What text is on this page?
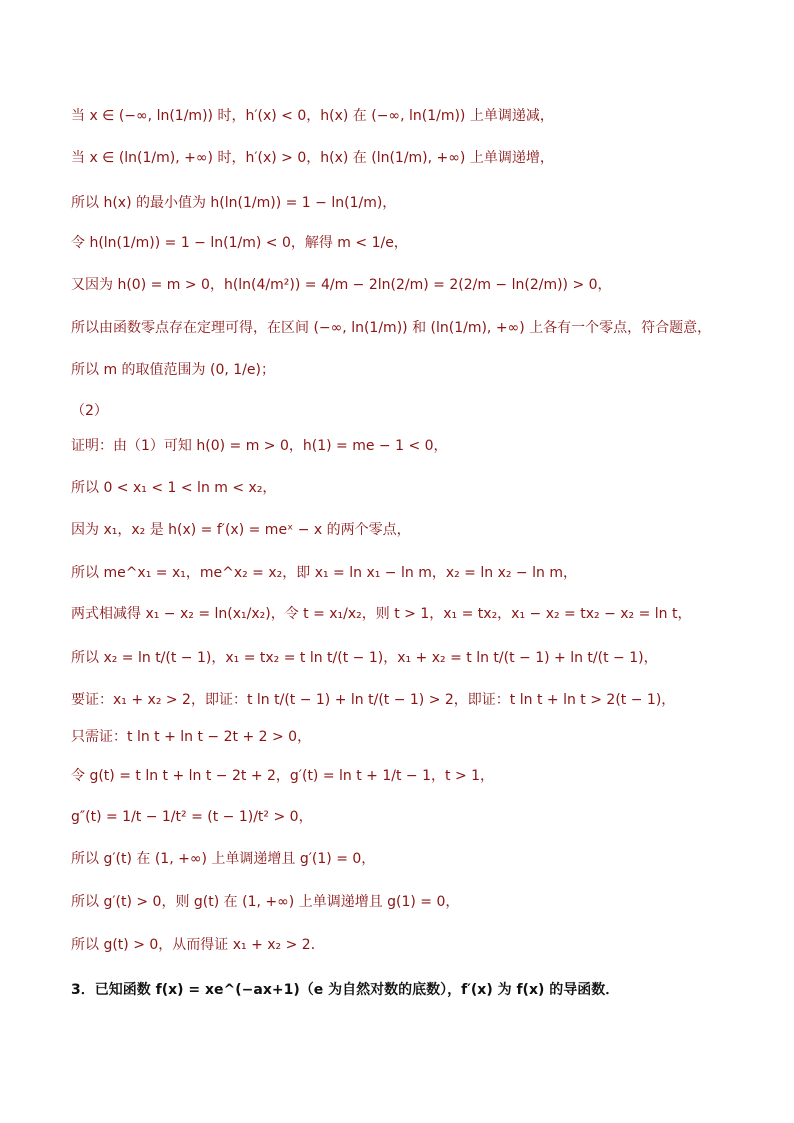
当 x ∈ (−∞, ln(1/m)) 时，h′(x) < 0，h(x) 在 (−∞, ln(1/m)) 上单调递减，
当 x ∈ (ln(1/m), +∞) 时，h′(x) > 0，h(x) 在 (ln(1/m), +∞) 上单调递增，
所以 h(x) 的最小值为 h(ln(1/m)) = 1 − ln(1/m)，
令 h(ln(1/m)) = 1 − ln(1/m) < 0，解得 m < 1/e，
又因为 h(0) = m > 0，h(ln(4/m²)) = 4/m − 2ln(2/m) = 2(2/m − ln(2/m)) > 0，
所以由函数零点存在定理可得，在区间 (−∞, ln(1/m)) 和 (ln(1/m), +∞) 上各有一个零点，符合题意，
所以 m 的取值范围为 (0, 1/e)；
（2）
证明：由（1）可知 h(0) = m > 0，h(1) = me − 1 < 0，
所以 0 < x₁ < 1 < ln m < x₂，
因为 x₁，x₂ 是 h(x) = f′(x) = meˣ − x 的两个零点，
所以 me^x₁ = x₁，me^x₂ = x₂，即 x₁ = ln x₁ − ln m，x₂ = ln x₂ − ln m，
两式相减得 x₁ − x₂ = ln(x₁/x₂)，令 t = x₁/x₂，则 t > 1，x₁ = tx₂，x₁ − x₂ = tx₂ − x₂ = ln t，
所以 x₂ = ln t/(t − 1)，x₁ = tx₂ = t ln t/(t − 1)，x₁ + x₂ = t ln t/(t − 1) + ln t/(t − 1)，
要证：x₁ + x₂ > 2，即证：t ln t/(t − 1) + ln t/(t − 1) > 2，即证：t ln t + ln t > 2(t − 1)，
只需证：t ln t + ln t − 2t + 2 > 0，
令 g(t) = t ln t + ln t − 2t + 2，g′(t) = ln t + 1/t − 1，t > 1，
g″(t) = 1/t − 1/t² = (t − 1)/t² > 0，
所以 g′(t) 在 (1, +∞) 上单调递增且 g′(1) = 0，
所以 g′(t) > 0，则 g(t) 在 (1, +∞) 上单调递增且 g(1) = 0，
所以 g(t) > 0，从而得证 x₁ + x₂ > 2．
3．已知函数 f(x) = xe^(−ax+1)（e 为自然对数的底数），f′(x) 为 f(x) 的导函数．
